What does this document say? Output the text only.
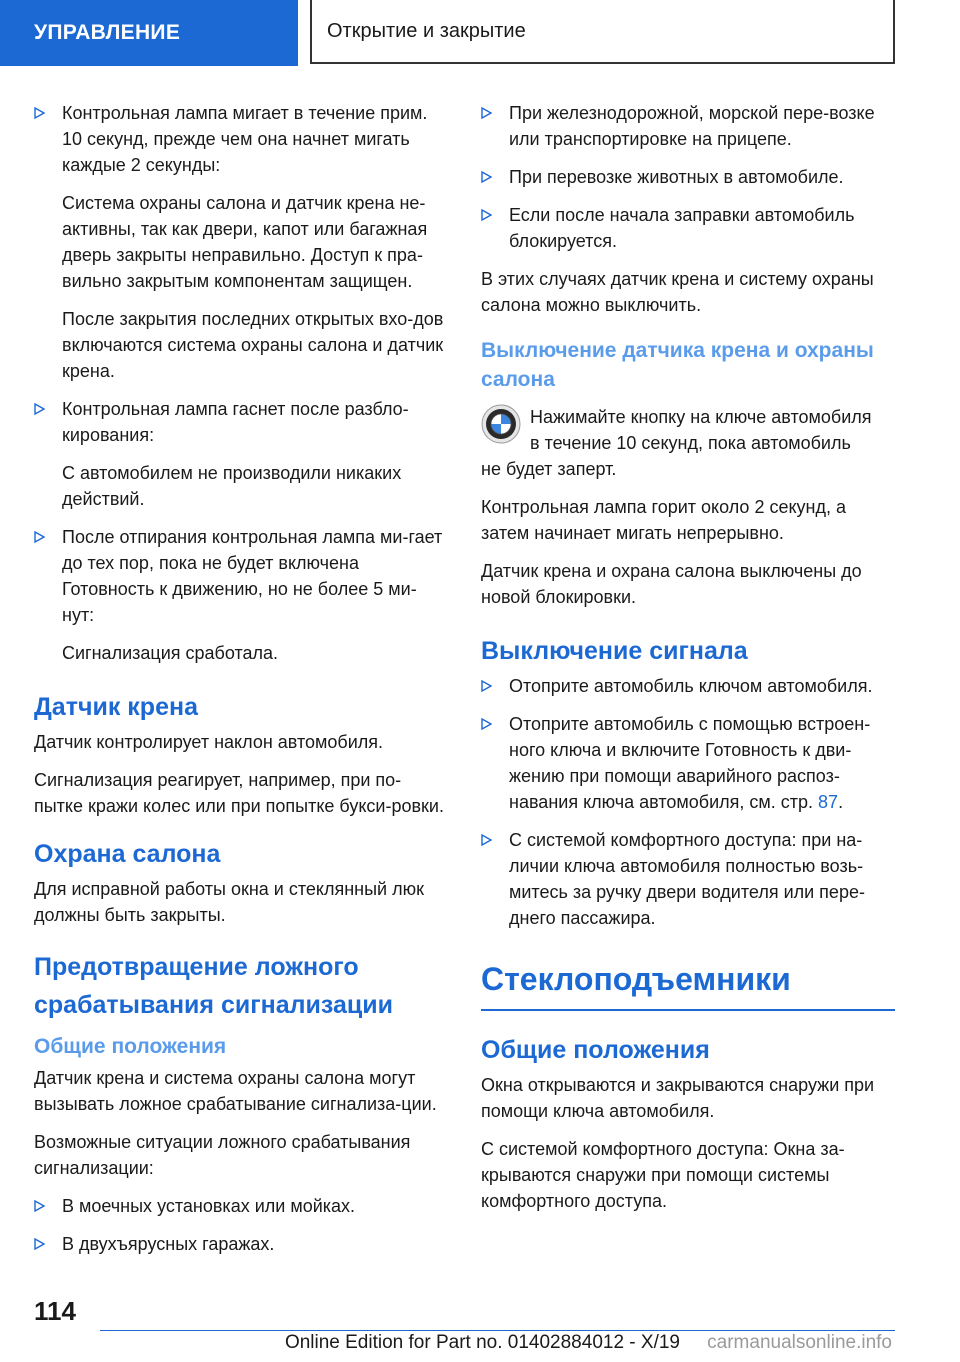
УПРАВЛЕНИЕ	Открытие и закрытие

Контрольная лампа мигает в течение прим. 10 секунд, прежде чем она начнет мигать каждые 2 секунды:

Система охраны салона и датчик крена не-активны, так как двери, капот или багажная дверь закрыты неправильно. Доступ к пра-вильно закрытым компонентам защищен.

После закрытия последних открытых вхо-дов включаются система охраны салона и датчик крена.

Контрольная лампа гаснет после разбло-кирования:

С автомобилем не производили никаких действий.

После отпирания контрольная лампа ми-гает до тех пор, пока не будет включена Готовность к движению, но не более 5 ми-нут:

Сигнализация сработала.

Датчик крена

Датчик контролирует наклон автомобиля.

Сигнализация реагирует, например, при по-пытке кражи колес или при попытке букси-ровки.

Охрана салона

Для исправной работы окна и стеклянный люк должны быть закрыты.

Предотвращение ложного срабатывания сигнализации
Общие положения

Датчик крена и система охраны салона могут вызывать ложное срабатывание сигнализа-ции.

Возможные ситуации ложного срабатывания сигнализации:

В моечных установках или мойках.

В двухъярусных гаражах.

При железнодорожной, морской пере-возке или транспортировке на прицепе.

При перевозке животных в автомобиле.

Если после начала заправки автомобиль блокируется.

В этих случаях датчик крена и систему охраны салона можно выключить.

Выключение датчика крена и охраны салона

Нажимайте кнопку на ключе автомобиля

в течение 10 секунд, пока автомобиль

не будет заперт.

Контрольная лампа горит около 2 секунд, а затем начинает мигать непрерывно.

Датчик крена и охрана салона выключены до новой блокировки.

Выключение сигнала

Отоприте автомобиль ключом автомобиля.

Отоприте автомобиль с помощью встроен-ного ключа и включите Готовность к дви-жению при помощи аварийного распоз-навания ключа автомобиля, см. стр. 87.

С системой комфортного доступа: при на-личии ключа автомобиля полностью возь-митесь за ручку двери водителя или пере-днего пассажира.

Стеклоподъемники
Общие положения

Окна открываются и закрываются снаружи при помощи ключа автомобиля.

С системой комфортного доступа: Окна за-крываются снаружи при помощи системы комфортного доступа.

114
Online Edition for Part no. 01402884012 - X/19 carmanualsonline.info
